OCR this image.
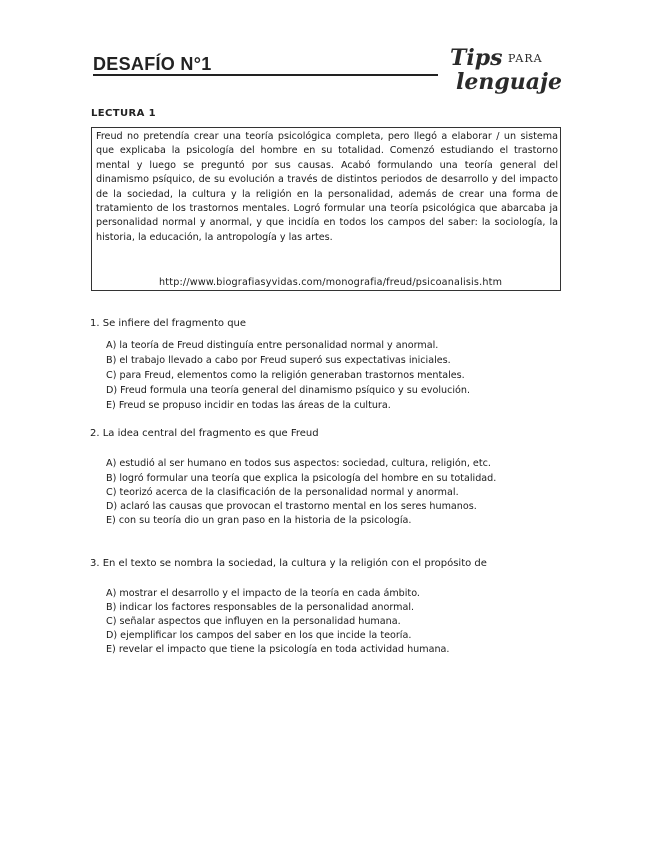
DESAFÍO N°1	Tips PARA
lenguaje
LECTURA 1
Freud no pretendía crear una teoría psicológica completa, pero llegó a elaborar / un sistema que explicaba la psicología del hombre en su totalidad. Comenzó estudiando el trastorno mental y luego se preguntó por sus causas. Acabó formulando una teoría general del dinamismo psíquico, de su evolución a través de distintos periodos de desarrollo y del impacto de la sociedad, la cultura y la religión en la personalidad, además de crear una forma de tratamiento de los trastornos mentales. Logró formular una teoría psicológica que abarcaba ja personalidad normal y anormal, y que incidía en todos los campos del saber: la sociología, la historia, la educación, la antropología y las artes.
http://www.biografiasyvidas.com/monografia/freud/psicoanalisis.htm
1. Se infiere del fragmento que
A) la teoría de Freud distinguía entre personalidad normal y anormal.
B) el trabajo llevado a cabo por Freud superó sus expectativas iniciales.
C) para Freud, elementos como la religión generaban trastornos mentales.
D) Freud formula una teoría general del dinamismo psíquico y su evolución.
E) Freud se propuso incidir en todas las áreas de la cultura.
2. La idea central del fragmento es que Freud
A) estudió al ser humano en todos sus aspectos: sociedad, cultura, religión, etc.
B) logró formular una teoría que explica la psicología del hombre en su totalidad.
C) teorizó acerca de la clasificación de la personalidad normal y anormal.
D) aclaró las causas que provocan el trastorno mental en los seres humanos.
E) con su teoría dio un gran paso en la historia de la psicología.
3. En el texto se nombra la sociedad, la cultura y la religión con el propósito de
A) mostrar el desarrollo y el impacto de la teoría en cada ámbito.
B) indicar los factores responsables de la personalidad anormal.
C) señalar aspectos que influyen en la personalidad humana.
D) ejemplificar los campos del saber en los que incide la teoría.
E) revelar el impacto que tiene la psicología en toda actividad humana.
